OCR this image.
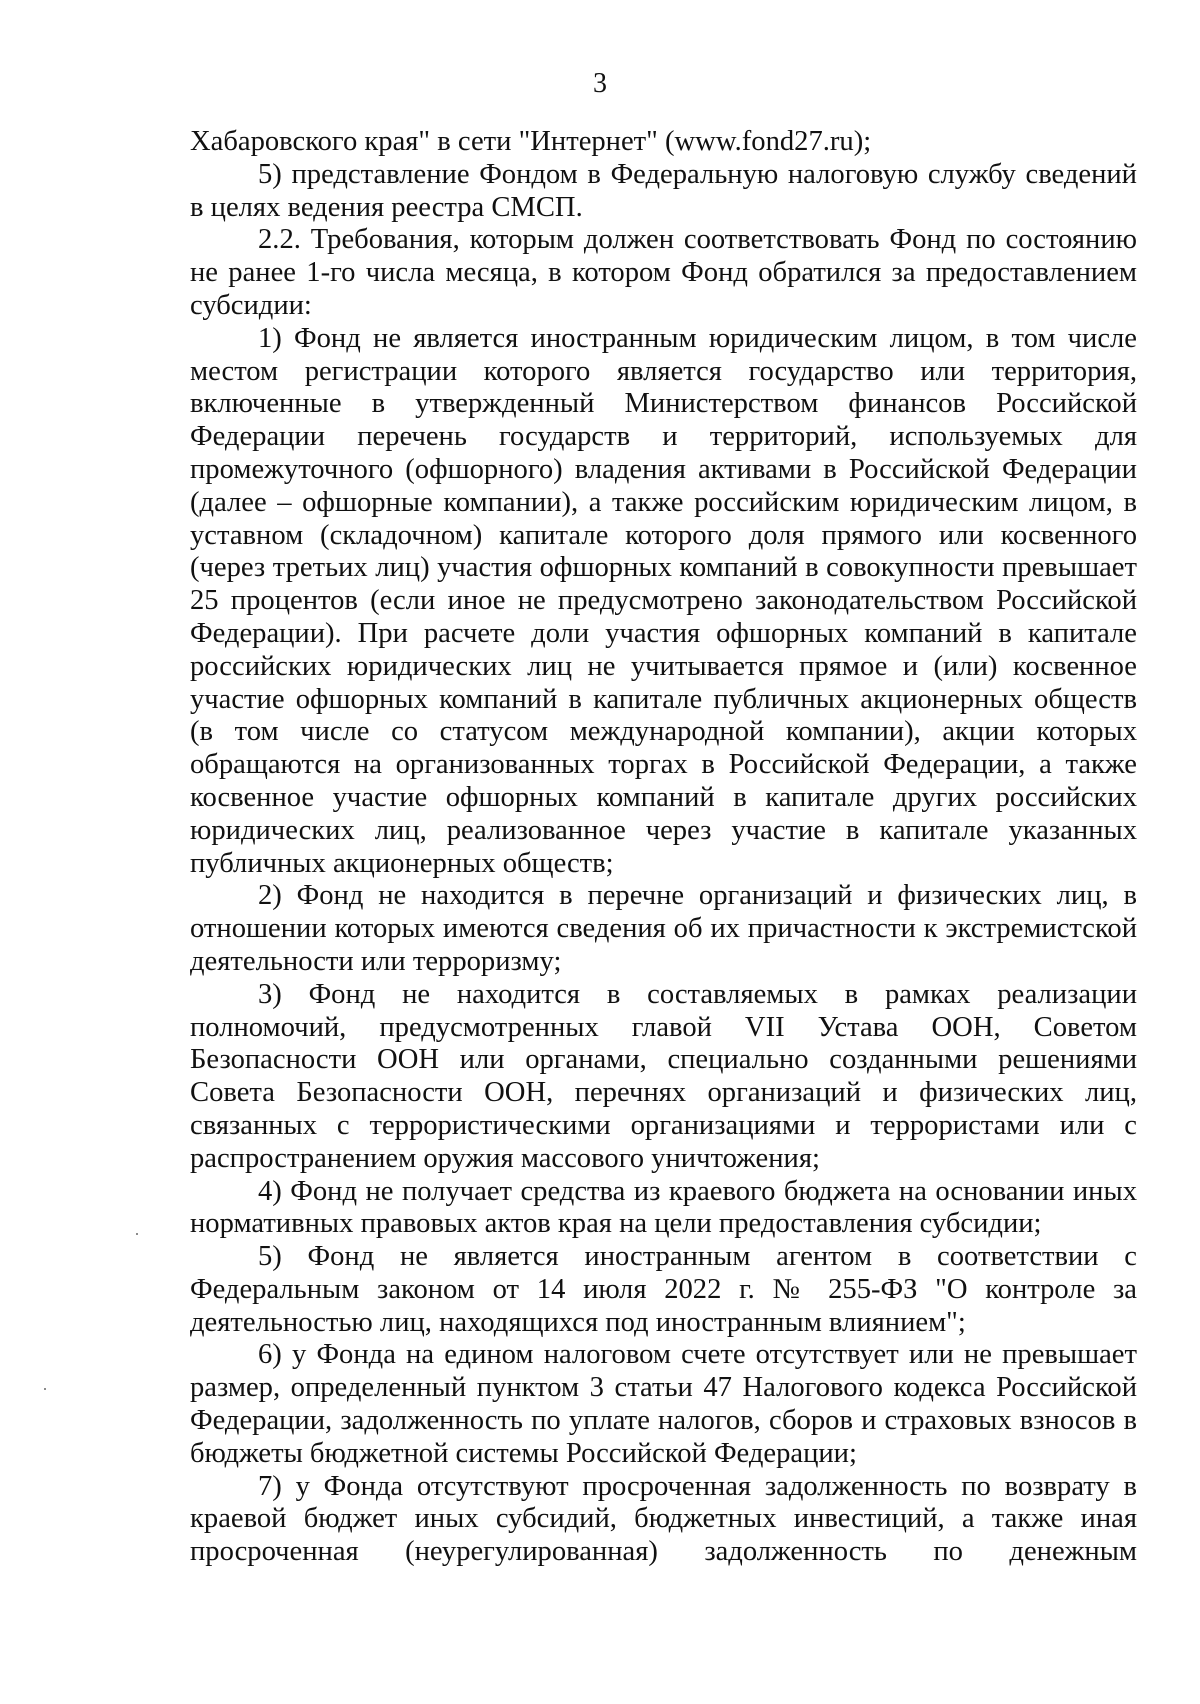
3

Хабаровского края" в сети "Интернет" (www.fond27.ru);

5) представление Фондом в Федеральную налоговую службу сведений в целях ведения реестра СМСП.

2.2. Требования, которым должен соответствовать Фонд по состоянию не ранее 1-го числа месяца, в котором Фонд обратился за предоставлением субсидии:

1) Фонд не является иностранным юридическим лицом, в том числе местом регистрации которого является государство или территория, включенные в утвержденный Министерством финансов Российской Федерации перечень государств и территорий, используемых для промежуточного (офшорного) владения активами в Российской Федерации (далее – офшорные компании), а также российским юридическим лицом, в уставном (складочном) капитале которого доля прямого или косвенного (через третьих лиц) участия офшорных компаний в совокупности превышает 25 процентов (если иное не предусмотрено законодательством Российской Федерации). При расчете доли участия офшорных компаний в капитале российских юридических лиц не учитывается прямое и (или) косвенное участие офшорных компаний в капитале публичных акционерных обществ (в том числе со статусом международной компании), акции которых обращаются на организованных торгах в Российской Федерации, а также косвенное участие офшорных компаний в капитале других российских юридических лиц, реализованное через участие в капитале указанных публичных акционерных обществ;

2) Фонд не находится в перечне организаций и физических лиц, в отношении которых имеются сведения об их причастности к экстремистской деятельности или терроризму;

3) Фонд не находится в составляемых в рамках реализации полномочий, предусмотренных главой VII Устава ООН, Советом Безопасности ООН или органами, специально созданными решениями Совета Безопасности ООН, перечнях организаций и физических лиц, связанных с террористическими организациями и террористами или с распространением оружия массового уничтожения;

4) Фонд не получает средства из краевого бюджета на основании иных нормативных правовых актов края на цели предоставления субсидии;

5) Фонд не является иностранным агентом в соответствии с Федеральным законом от 14 июля 2022 г. № 255-ФЗ "О контроле за деятельностью лиц, находящихся под иностранным влиянием";

6) у Фонда на едином налоговом счете отсутствует или не превышает размер, определенный пунктом 3 статьи 47 Налогового кодекса Российской Федерации, задолженность по уплате налогов, сборов и страховых взносов в бюджеты бюджетной системы Российской Федерации;

7) у Фонда отсутствуют просроченная задолженность по возврату в краевой бюджет иных субсидий, бюджетных инвестиций, а также иная просроченная (неурегулированная) задолженность по денежным
